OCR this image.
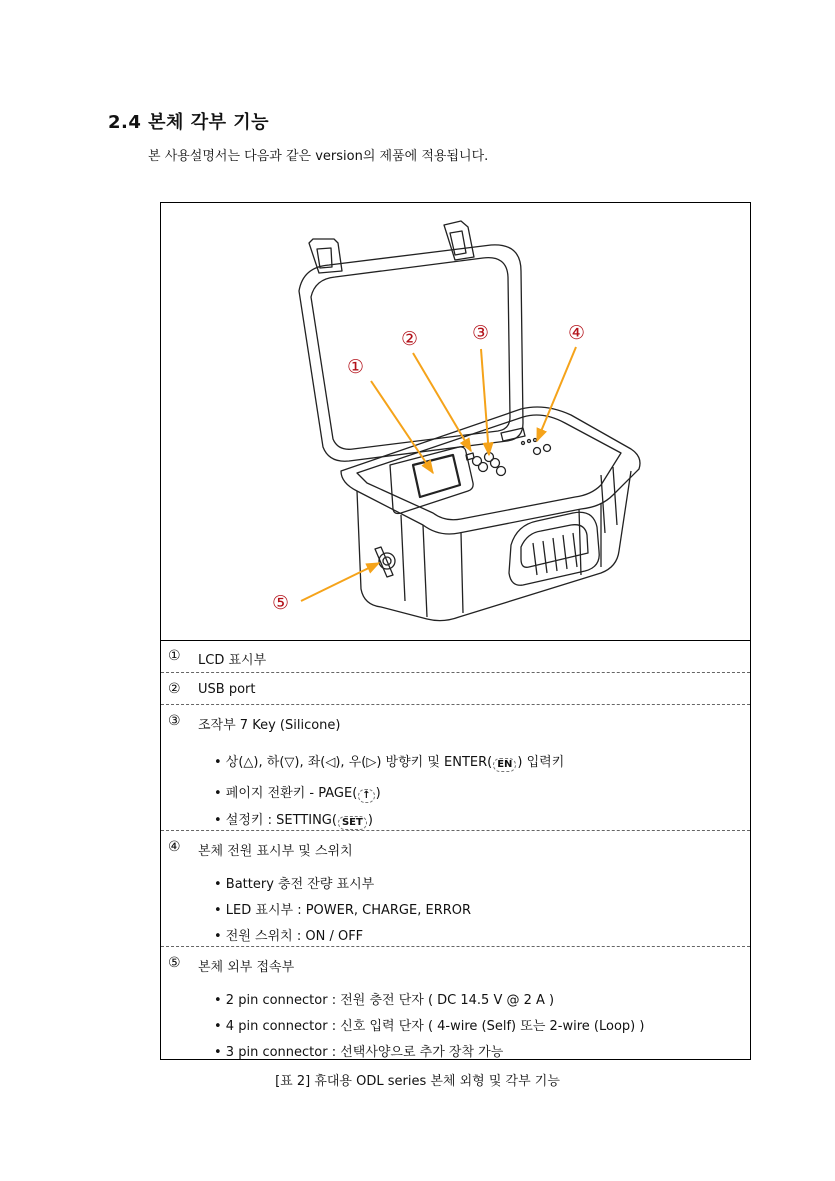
2.4 본체 각부 기능
본 사용설명서는 다음과 같은 version의 제품에 적용됩니다.
①
②	③	④
⑤
① LCD 표시부
② USB port
③ 조작부 7 Key (Silicone)
• 상(△), 하(▽), 좌(◁), 우(▷) 방향키 및 ENTER( EN ) 입력키
• 페이지 전환키 - PAGE( ↑ )
• 설정키 : SETTING( SET )
④ 본체 전원 표시부 및 스위치
• Battery 충전 잔량 표시부
• LED 표시부 : POWER, CHARGE, ERROR
• 전원 스위치 : ON / OFF
⑤ 본체 외부 접속부
• 2 pin connector : 전원 충전 단자 ( DC 14.5 V @ 2 A )
• 4 pin connector : 신호 입력 단자 ( 4-wire (Self) 또는 2-wire (Loop) )
• 3 pin connector : 선택사양으로 추가 장착 가능
[표 2] 휴대용 ODL series 본체 외형 및 각부 기능
